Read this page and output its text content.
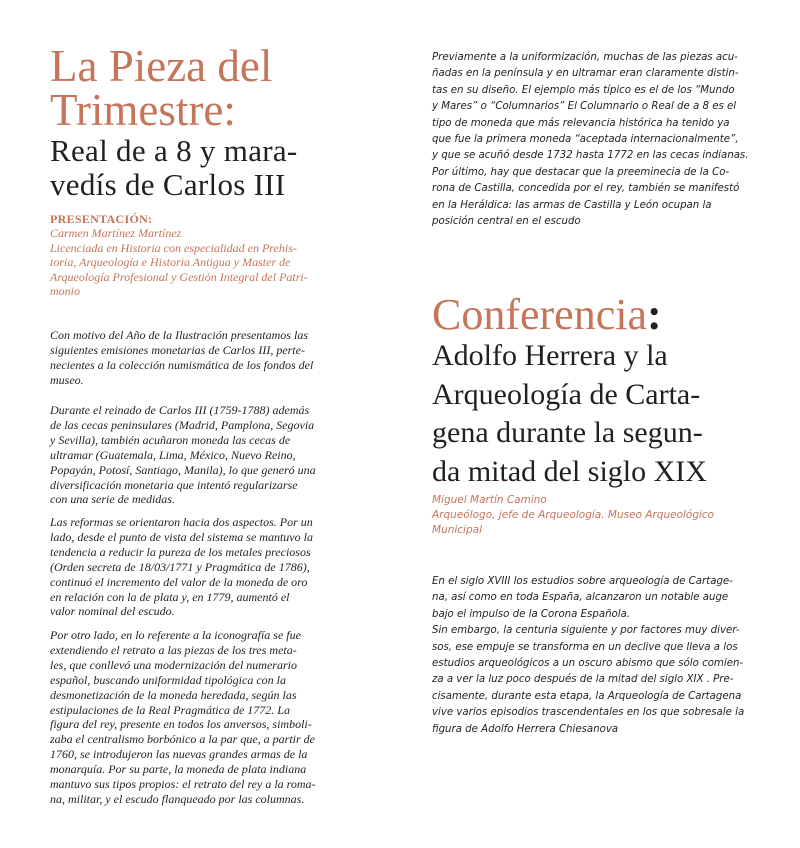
La Pieza del
Trimestre:
Real de a 8 y mara-
vedís de Carlos III
PRESENTACIÓN:
Carmen Martínez Martínez
Licenciada en Historia con especialidad en Prehis-
toria, Arqueología e Historia Antigua y Master de
Arqueología Profesional y Gestión Integral del Patri-
monio
Con motivo del Año de la Ilustración presentamos las
siguientes emisiones monetarias de Carlos III, perte-
necientes a la colección numismática de los fondos del
museo.
Durante el reinado de Carlos III (1759-1788) además
de las cecas peninsulares (Madrid, Pamplona, Segovia
y Sevilla), también acuñaron moneda las cecas de
ultramar (Guatemala, Lima, México, Nuevo Reino,
Popayán, Potosí, Santiago, Manila), lo que generó una
diversificación monetaria que intentó regularizarse
con una serie de medidas.
Las reformas se orientaron hacia dos aspectos. Por un
lado, desde el punto de vista del sistema se mantuvo la
tendencia a reducir la pureza de los metales preciosos
(Orden secreta de 18/03/1771 y Pragmática de 1786),
continuó el incremento del valor de la moneda de oro
en relación con la de plata y, en 1779, aumentó el
valor nominal del escudo.
Por otro lado, en lo referente a la iconografía se fue
extendiendo el retrato a las piezas de los tres meta-
les, que conllevó una modernización del numerario
español, buscando uniformidad tipológica con la
desmonetización de la moneda heredada, según las
estipulaciones de la Real Pragmática de 1772. La
figura del rey, presente en todos los anversos, simboli-
zaba el centralismo borbónico a la par que, a partir de
1760, se introdujeron las nuevas grandes armas de la
monarquía. Por su parte, la moneda de plata indiana
mantuvo sus tipos propios: el retrato del rey a la roma-
na, militar, y el escudo flanqueado por las columnas.
Previamente a la uniformización, muchas de las piezas acu-
ñadas en la península y en ultramar eran claramente distin-
tas en su diseño. El ejemplo más típico es el de los “Mundo
y Mares” o “Columnarios” El Columnario o Real de a 8 es el
tipo de moneda que más relevancia histórica ha tenido ya
que fue la primera moneda “aceptada internacionalmente”,
y que se acuñó desde 1732 hasta 1772 en las cecas indianas.
Por último, hay que destacar que la preeminecia de la Co-
rona de Castilla, concedida por el rey, también se manifestó
en la Heráldica: las armas de Castilla y León ocupan la
posición central en el escudo
Conferencia:
Adolfo Herrera y la
Arqueología de Carta-
gena durante la segun-
da mitad del siglo XIX
Miguel Martín Camino
Arqueólogo, jefe de Arqueología. Museo Arqueológico
Municipal
En el siglo XVIII los estudios sobre arqueología de Cartage-
na, así como en toda España, alcanzaron un notable auge
bajo el impulso de la Corona Española.
Sin embargo, la centuria siguiente y por factores muy diver-
sos, ese empuje se transforma en un declive que lleva a los
estudios arqueológicos a un oscuro abismo que sólo comien-
za a ver la luz poco después de la mitad del siglo XIX . Pre-
cisamente, durante esta etapa, la Arqueología de Cartagena
vive varios episodios trascendentales en los que sobresale la
figura de Adolfo Herrera Chiesanova
